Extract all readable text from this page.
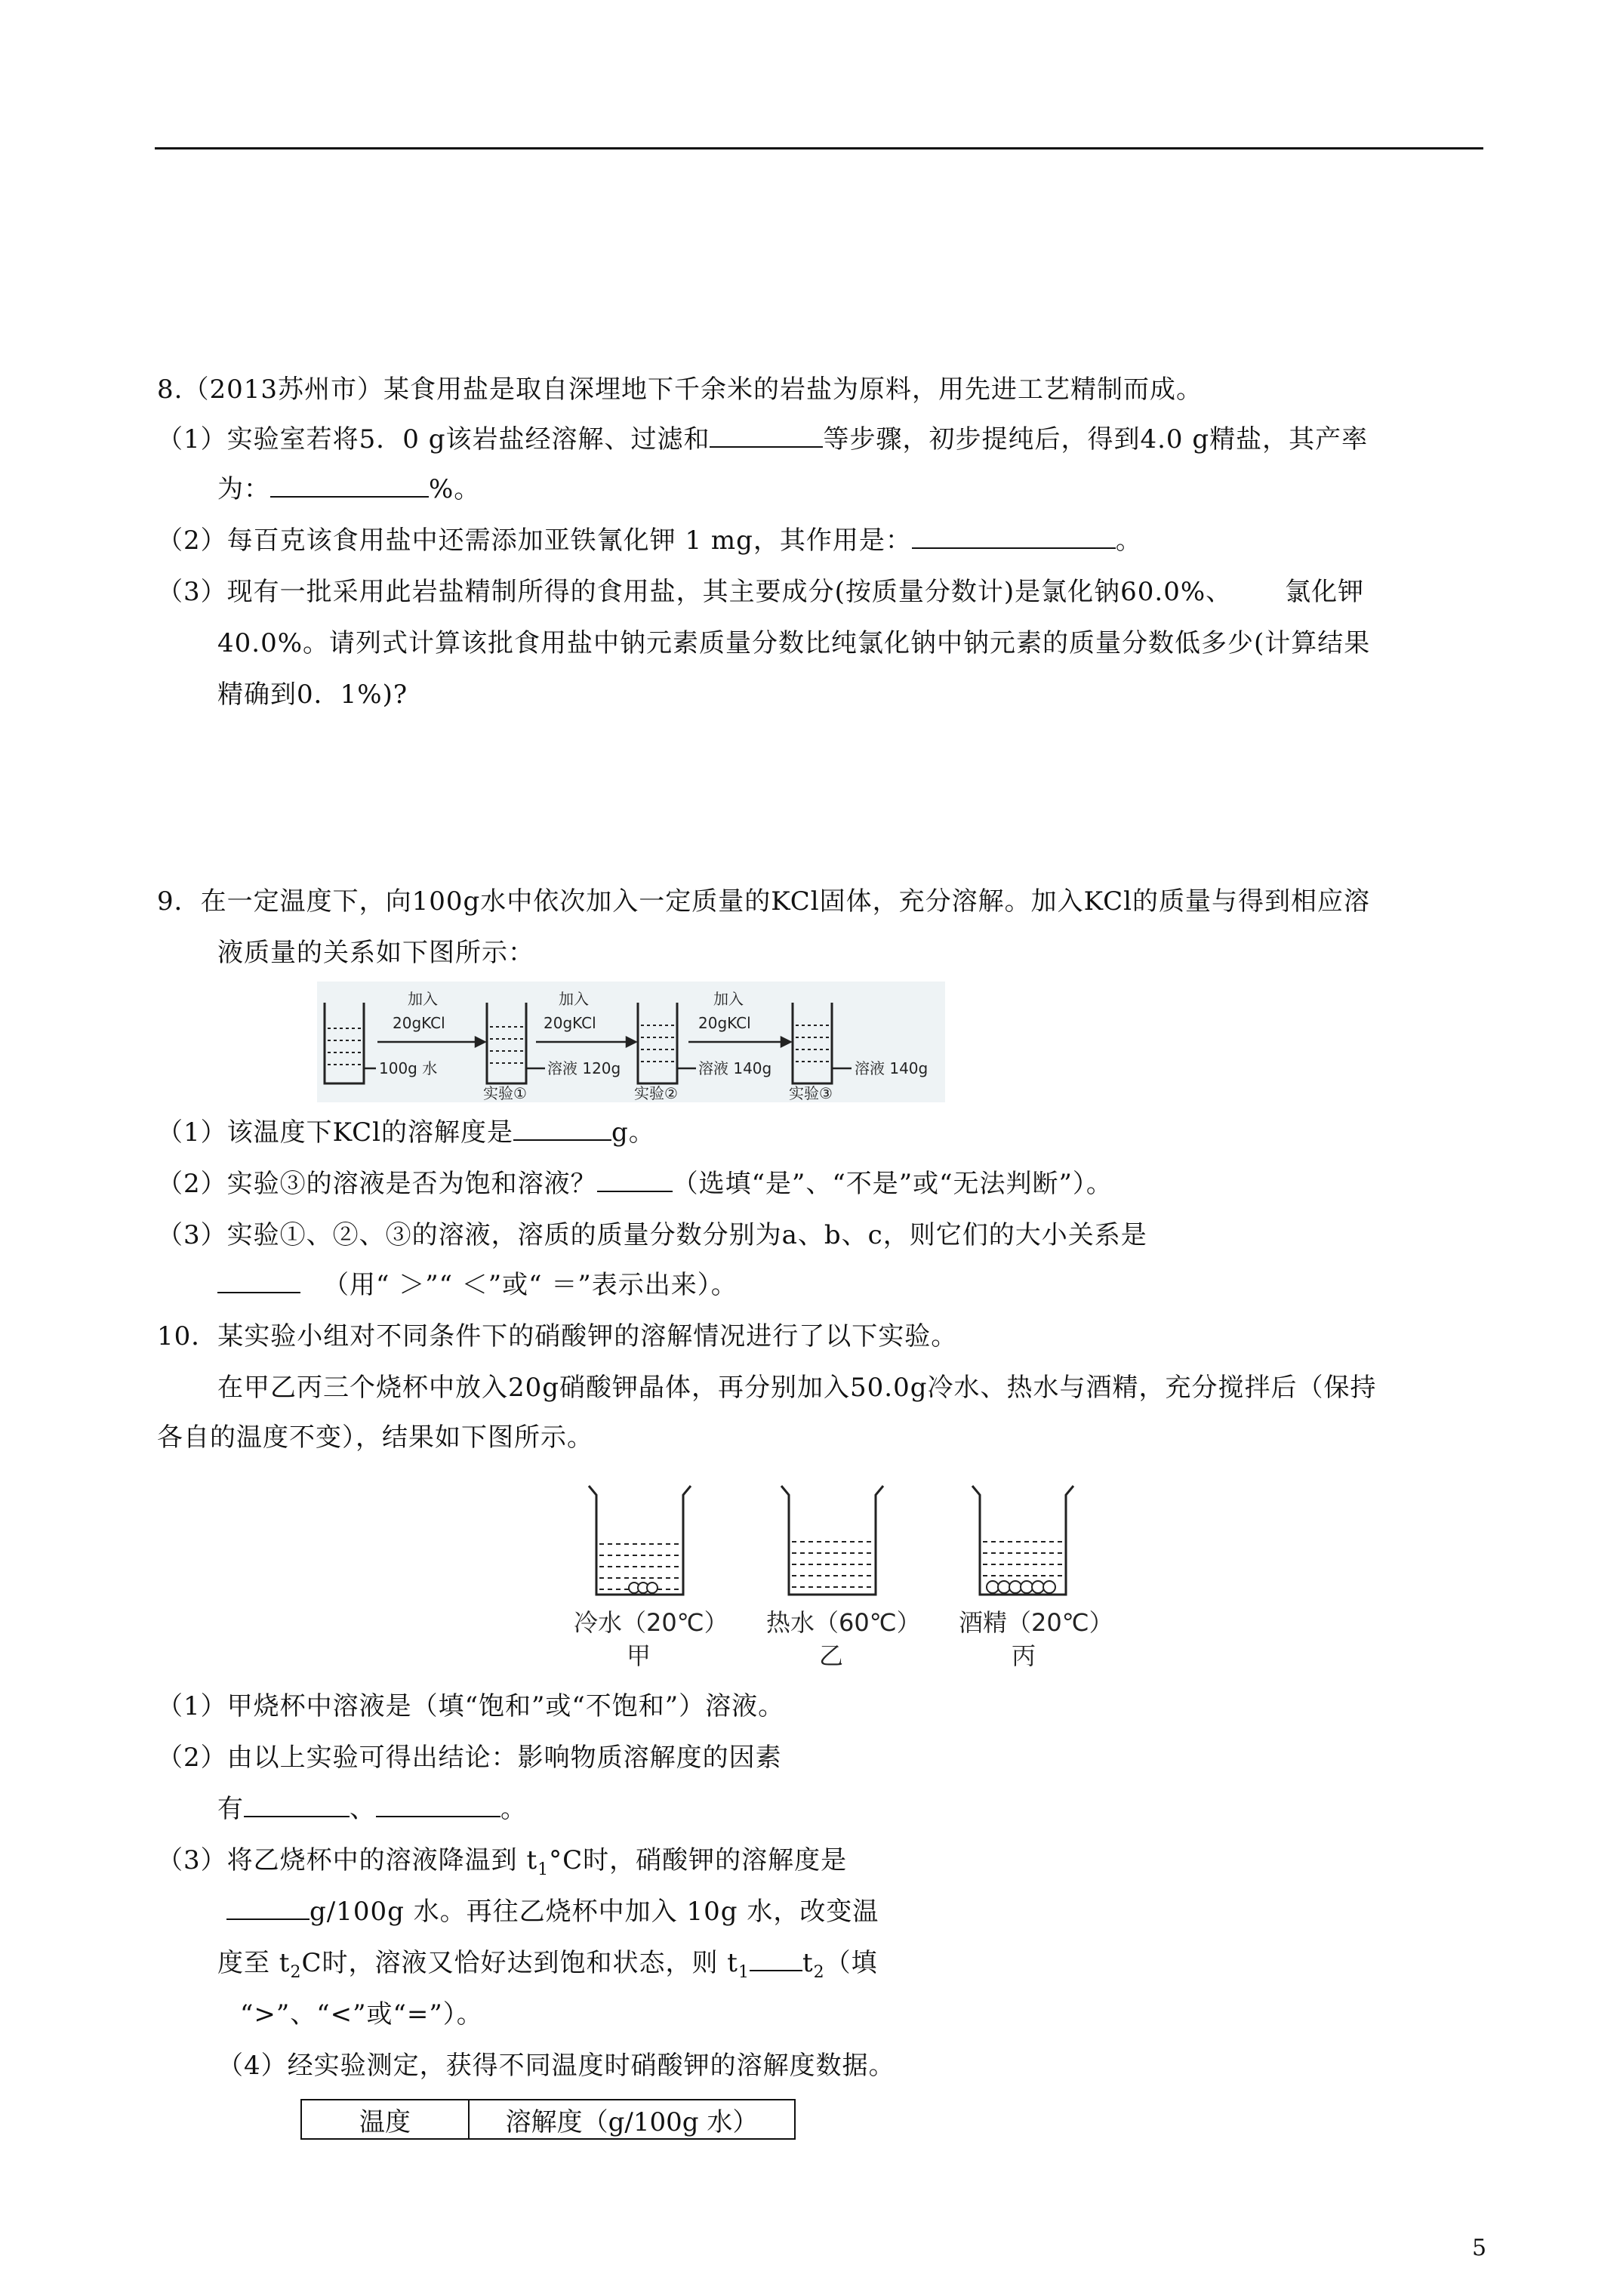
8.（2013苏州市）某食用盐是取自深埋地下千余米的岩盐为原料，用先进工艺精制而成。
（1）实验室若将5．0 g该岩盐经溶解、过滤和	等步骤，初步提纯后，得到4.0 g精盐，其产率
为：	%。
（2）每百克该食用盐中还需添加亚铁氰化钾 1 mg，其作用是：	。
（3）现有一批采用此岩盐精制所得的食用盐，其主要成分(按质量分数计)是氯化钠60.0%、 氯化钾
40.0%。请列式计算该批食用盐中钠元素质量分数比纯氯化钠中钠元素的质量分数低多少(计算结果
精确到0．1%)?
9．在一定温度下，向100g水中依次加入一定质量的KCl固体，充分溶解。加入KCl的质量与得到相应溶
液质量的关系如下图所示：
加入
20gKCl
加入
20gKCl
加入
20gKCl
100g 水	溶液 120g	溶液 140g	溶液 140g
实验①	实验②	实验③
（1）该温度下KCl的溶解度是	g。
（2）实验③的溶液是否为饱和溶液？	（选填“是”、“不是”或“无法判断”）。
（3）实验①、②、③的溶液，溶质的质量分数分别为a、b、c，则它们的大小关系是
（用“ ＞”“ ＜”或“ ＝”表示出来）。
10．某实验小组对不同条件下的硝酸钾的溶解情况进行了以下实验。
在甲乙丙三个烧杯中放入20g硝酸钾晶体，再分别加入50.0g冷水、热水与酒精，充分搅拌后（保持
各自的温度不变），结果如下图所示。
冷水（20℃）
甲
热水（60℃）
乙
酒精（20℃）
丙
（1）甲烧杯中溶液是（填“饱和”或“不饱和”）溶液。
（2）由以上实验可得出结论：影响物质溶解度的因素
有	、	。
（3）将乙烧杯中的溶液降温到 $t_1^\circ C$时，硝酸钾的溶解度是
g/100g 水。再往乙烧杯中加入 10g 水，改变温
度至 $t_2C$时，溶液又恰好达到饱和状态，则 $t_1$ $t_2$（填
“>”、“<”或“=”）。
（4）经实验测定，获得不同温度时硝酸钾的溶解度数据。
温度	溶解度（g/100g 水）
5
